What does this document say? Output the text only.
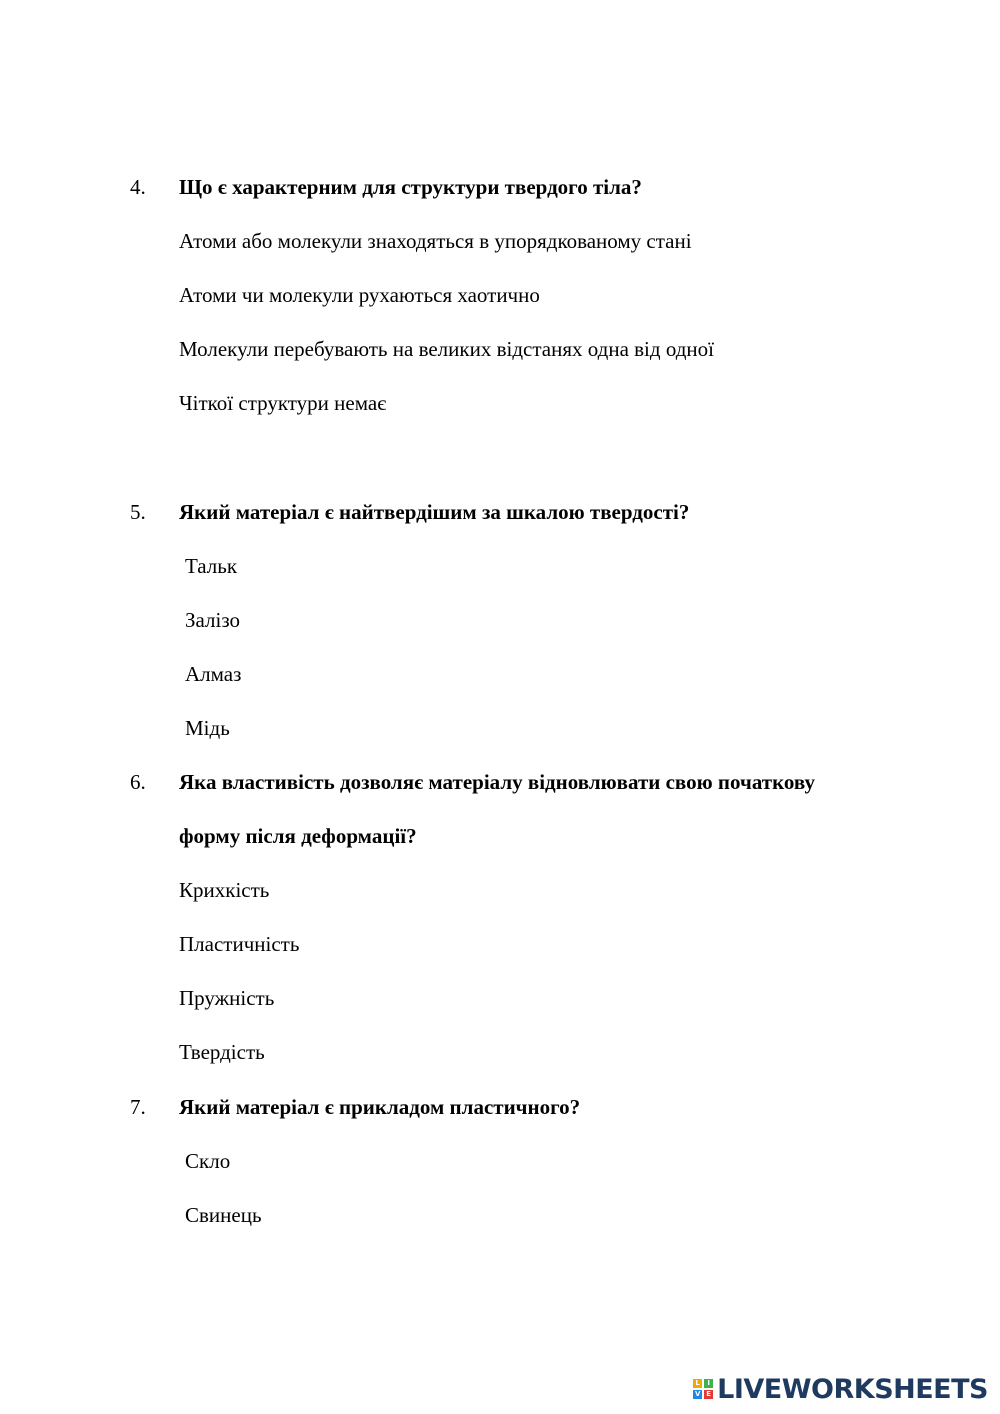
4. Що є характерним для структури твердого тіла?
Атоми або молекули знаходяться в упорядкованому стані
Атоми чи молекули рухаються хаотично
Молекули перебувають на великих відстанях одна від одної
Чіткої структури немає
5. Який матеріал є найтвердішим за шкалою твердості?
Тальк
Залізо
Алмаз
Мідь
6. Яка властивість дозволяє матеріалу відновлювати свою початкову
форму після деформації?
Крихкість
Пластичність
Пружність
Твердість
7. Який матеріал є прикладом пластичного?
Скло
Свинець
L	I
V E LIVEWORKSHEETS
